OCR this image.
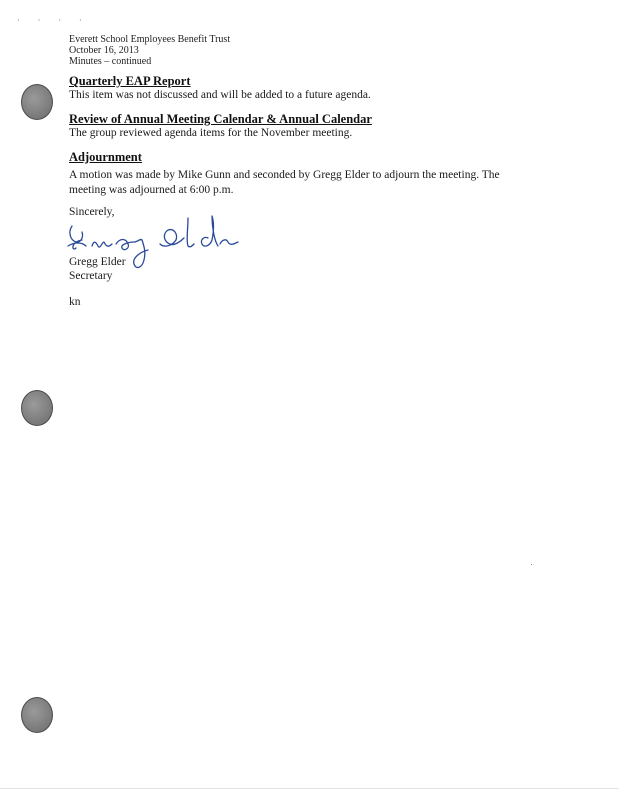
· · · ·
Everett School Employees Benefit Trust
October 16, 2013
Minutes – continued
Quarterly EAP Report
This item was not discussed and will be added to a future agenda.
Review of Annual Meeting Calendar & Annual Calendar
The group reviewed agenda items for the November meeting.
Adjournment
A motion was made by Mike Gunn and seconded by Gregg Elder to adjourn the meeting. The meeting was adjourned at 6:00 p.m.
Sincerely,
Gregg Elder
Secretary
kn
